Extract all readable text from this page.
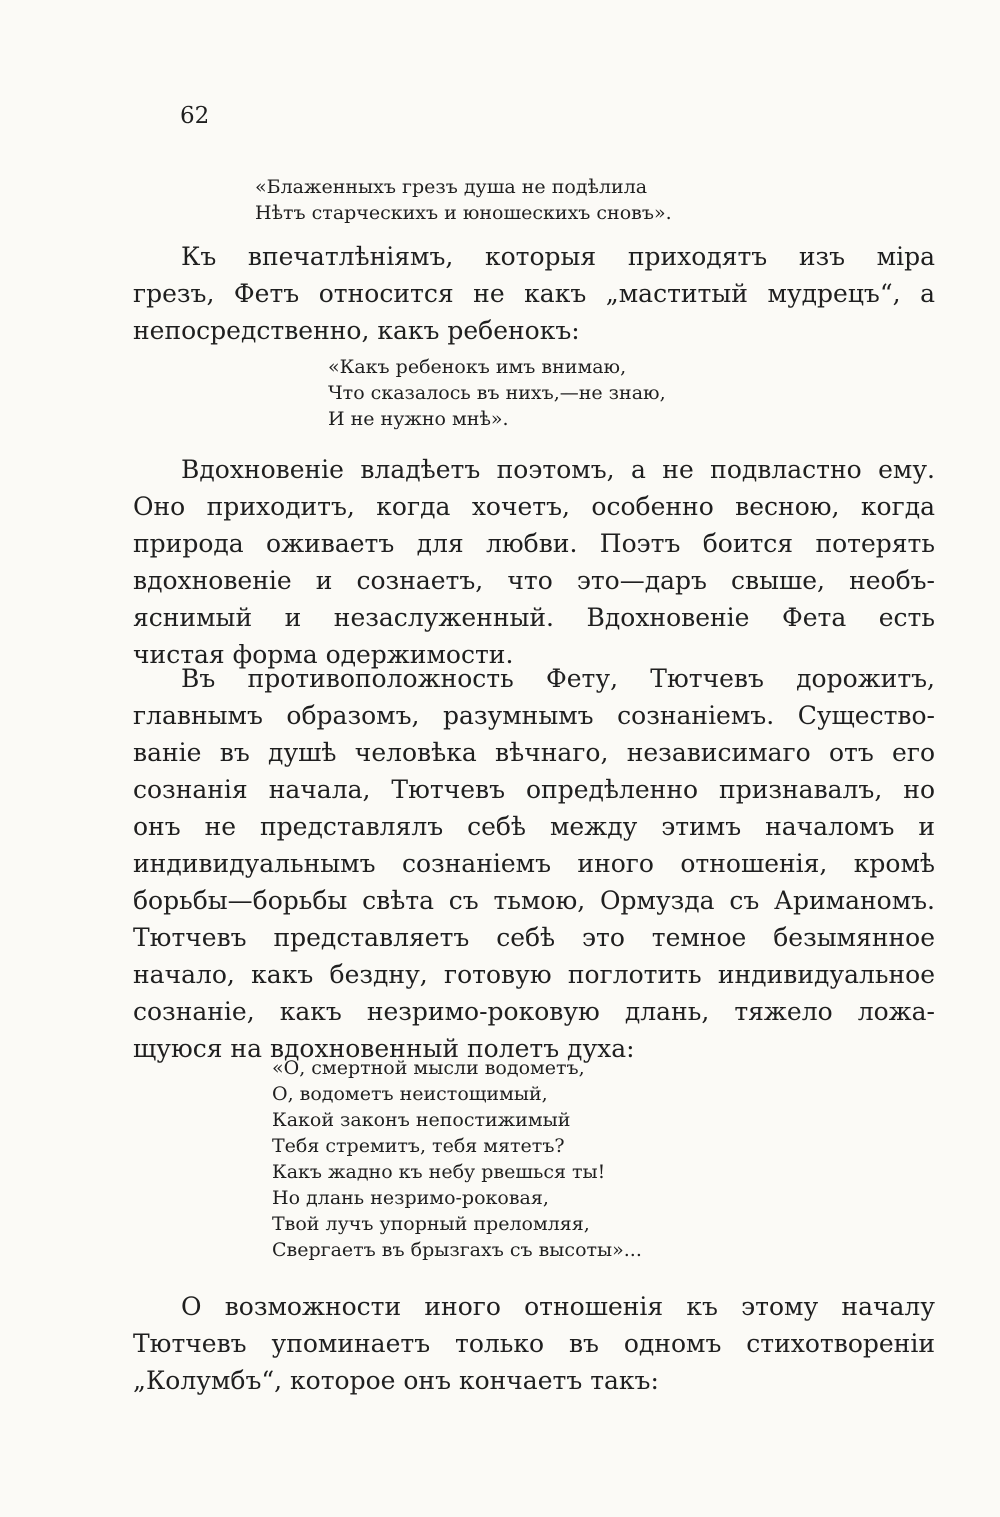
62
«Блаженныхъ грезъ душа не подѣлила
Нѣтъ старческихъ и юношескихъ сновъ».
Къ впечатлѣніямъ, которыя приходятъ изъ міра
грезъ, Фетъ относится не какъ „маститый мудрецъ“, а
непосредственно, какъ ребенокъ:
«Какъ ребенокъ имъ внимаю,
Что сказалось въ нихъ,—не знаю,
И не нужно мнѣ».
Вдохновеніе владѣетъ поэтомъ, а не подвластно ему.
Оно приходитъ, когда хочетъ, особенно весною, когда
природа оживаетъ для любви. Поэтъ боится потерять
вдохновеніе и сознаетъ, что это—даръ свыше, необъ-
яснимый и незаслуженный. Вдохновеніе Фета есть
чистая форма одержимости.
Въ противоположность Фету, Тютчевъ дорожитъ,
главнымъ образомъ, разумнымъ сознаніемъ. Существо-
ваніе въ душѣ человѣка вѣчнаго, независимаго отъ его
сознанія начала, Тютчевъ опредѣленно признавалъ, но
онъ не представлялъ себѣ между этимъ началомъ и
индивидуальнымъ сознаніемъ иного отношенія, кромѣ
борьбы—борьбы свѣта съ тьмою, Ормузда съ Ариманомъ.
Тютчевъ представляетъ себѣ это темное безымянное
начало, какъ бездну, готовую поглотить индивидуальное
сознаніе, какъ незримо-роковую длань, тяжело ложа-
щуюся на вдохновенный полетъ духа:
«О, смертной мысли водометъ,
О, водометъ неистощимый,
Какой законъ непостижимый
Тебя стремитъ, тебя мятетъ?
Какъ жадно къ небу рвешься ты!
Но длань незримо-роковая,
Твой лучъ упорный преломляя,
Свергаетъ въ брызгахъ съ высоты»...
О возможности иного отношенія къ этому началу
Тютчевъ упоминаетъ только въ одномъ стихотвореніи
„Колумбъ“, которое онъ кончаетъ такъ:
